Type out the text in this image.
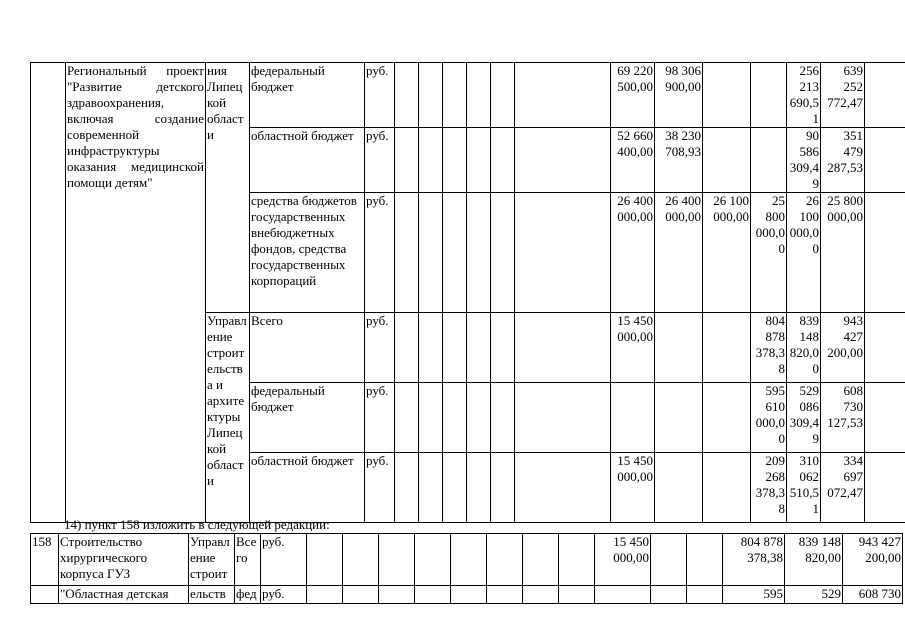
	Региональный проект "Развитие детского здравоохранения, включая создание современной инфраструктуры оказания медицинской помощи детям"	ния Липецкой области	федеральный бюджет	руб.							69 220 500,00	98 306 900,00			256 213 690,51	639 252 772,47	
			областной бюджет	руб.							52 660 400,00	38 230 708,93			90 586 309,49	351 479 287,53	
			средства бюджетов государственных внебюджетных фондов, средства государственных корпораций	руб.							26 400 000,00	26 400 000,00	26 100 000,00	25 800 000,00	26 100 000,00	25 800 000,00	
		Управление строительства и архитектуры Липецкой области	Всего	руб.							15 450 000,00			804 878 378,38	839 148 820,00	943 427 200,00	
			федеральный бюджет	руб.										595 610 000,00	529 086 309,49	608 730 127,53	
			областной бюджет	руб.							15 450 000,00			209 268 378,38	310 062 510,51	334 697 072,47	
14) пункт 158 изложить в следующей редакции:
158	Строительство хирургического корпуса ГУЗ	Управление строит	Всего	руб.									15 450 000,00			804 878 378,38	839 148 820,00	943 427 200,00
	"Областная детская	ельств	фед	руб.												595	529	608 730
